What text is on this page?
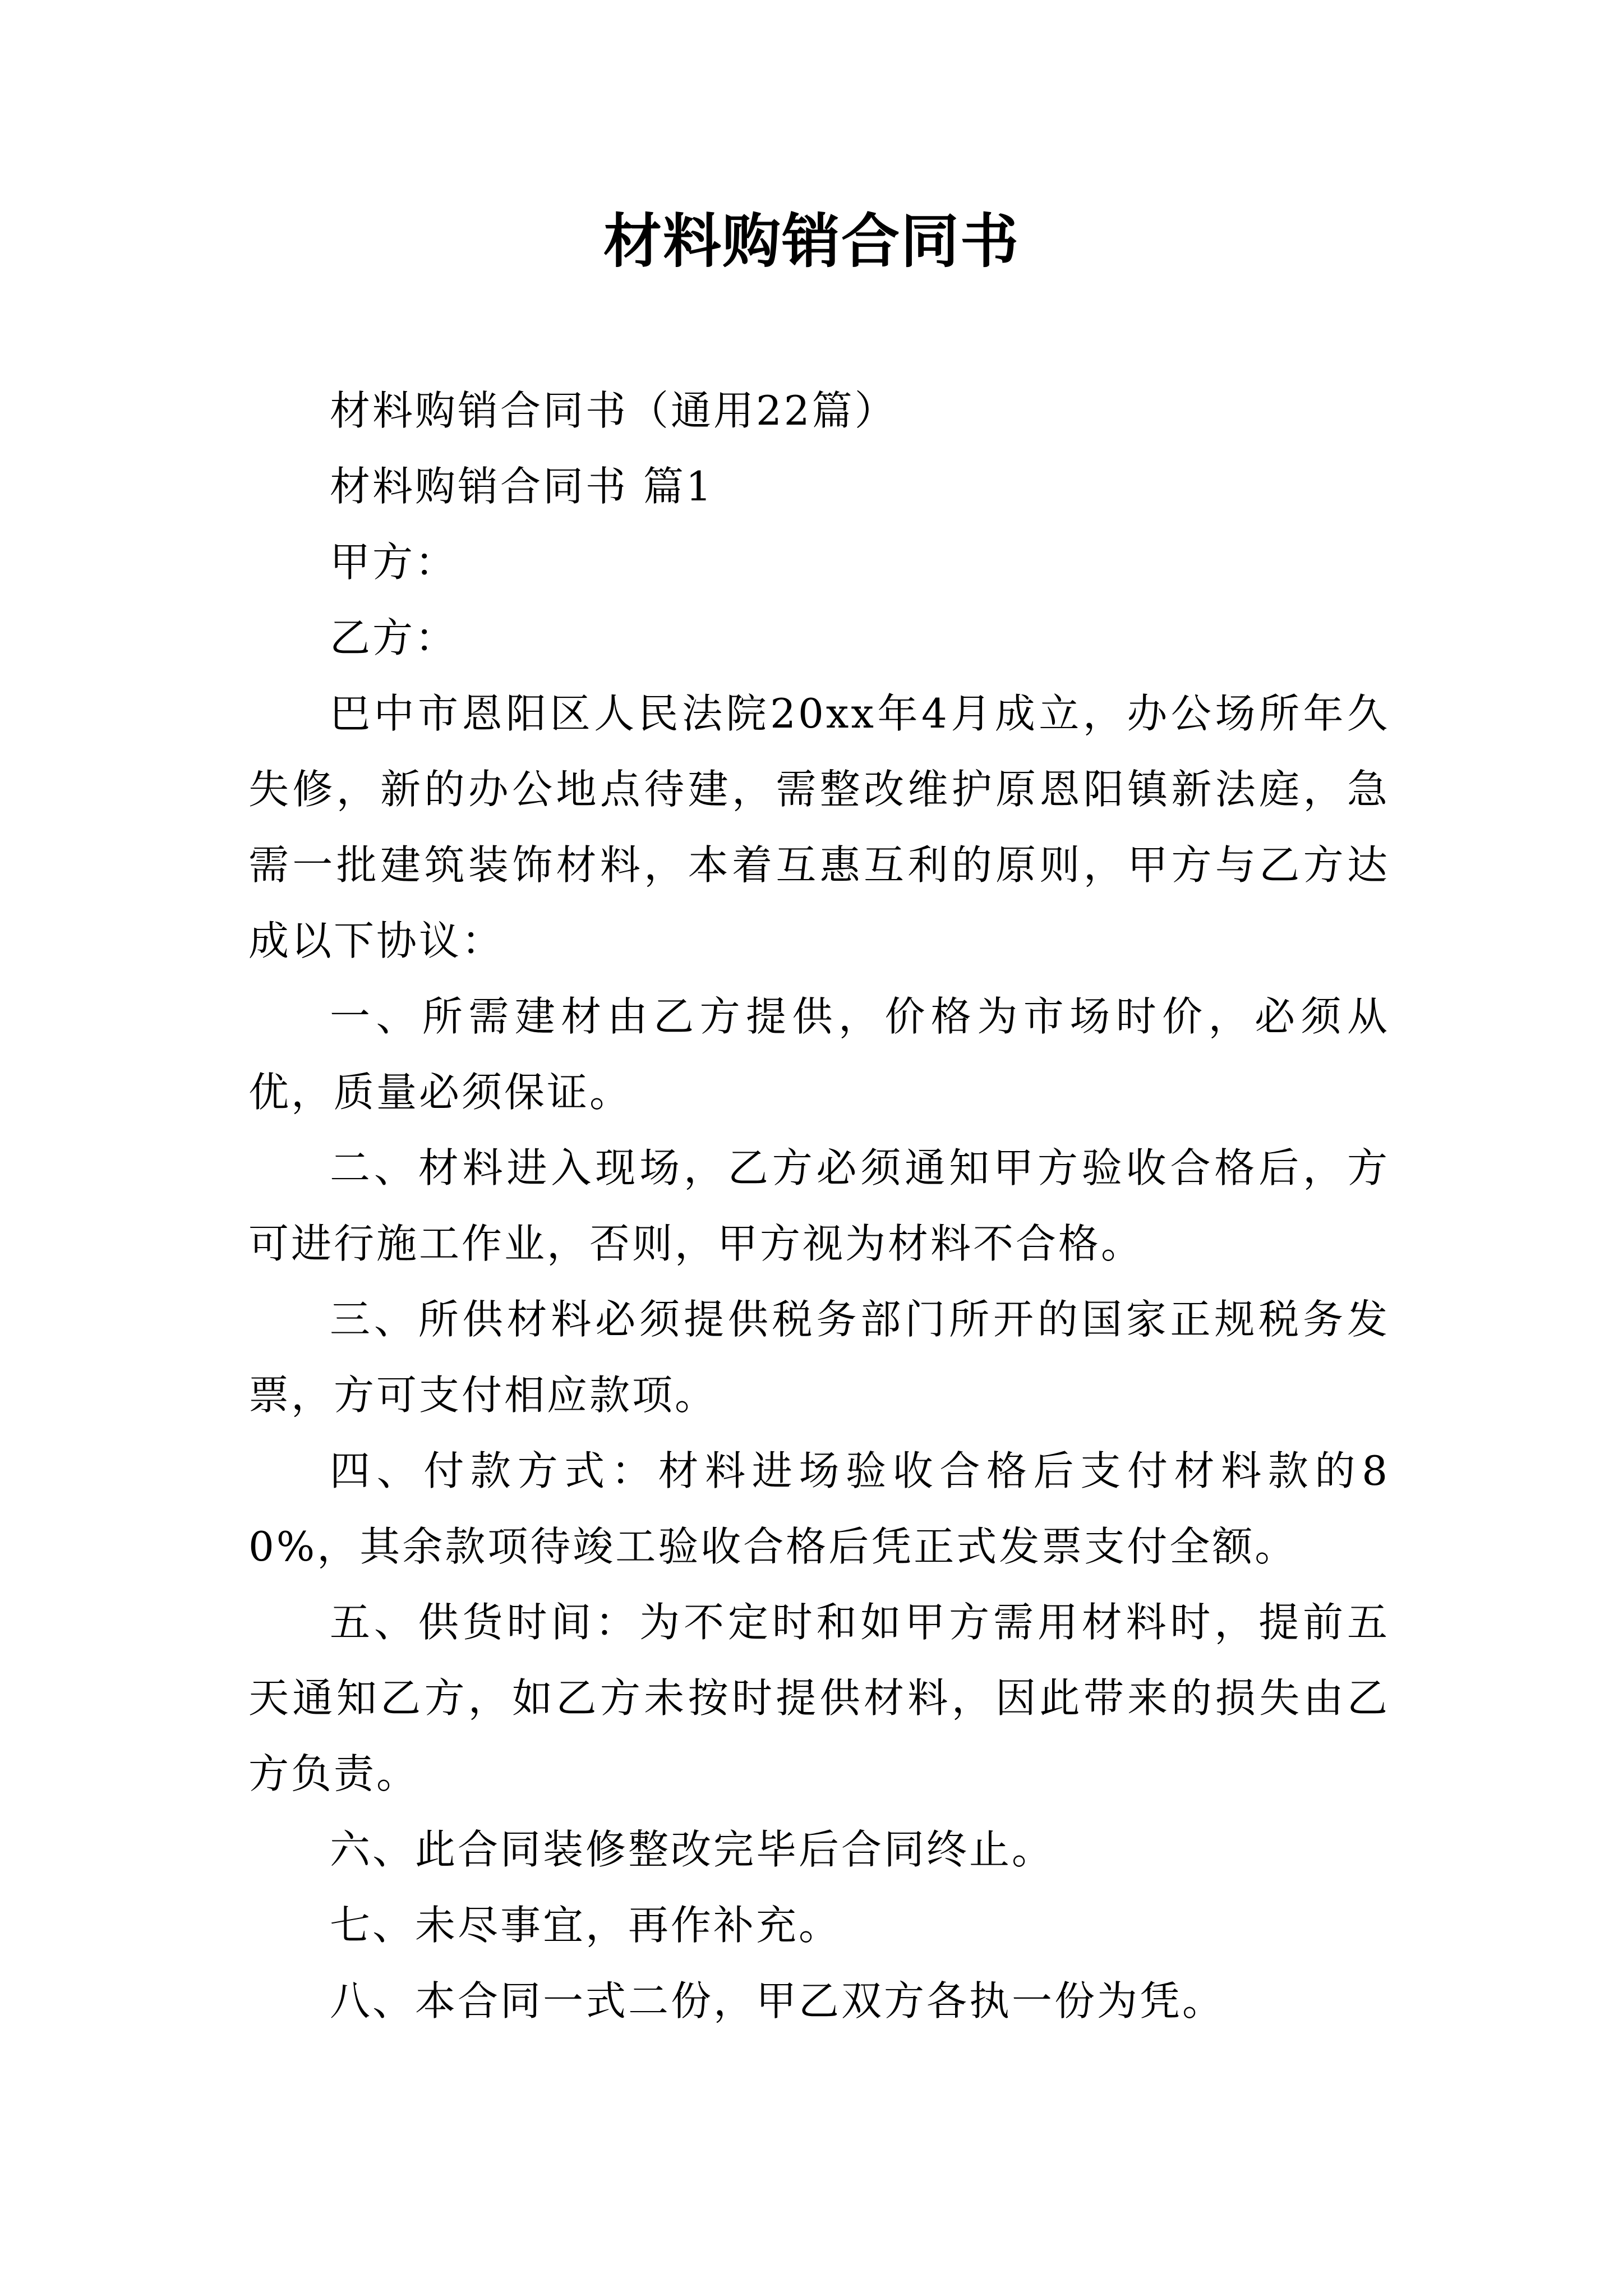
材料购销合同书

材料购销合同书（通用22篇）

材料购销合同书 篇1

甲方：

乙方：

巴中市恩阳区人民法院20xx年4月成立，办公场所年久失修，新的办公地点待建，需整改维护原恩阳镇新法庭，急需一批建筑装饰材料，本着互惠互利的原则，甲方与乙方达成以下协议：

一、所需建材由乙方提供，价格为市场时价，必须从优，质量必须保证。

二、材料进入现场，乙方必须通知甲方验收合格后，方可进行施工作业，否则，甲方视为材料不合格。

三、所供材料必须提供税务部门所开的国家正规税务发票，方可支付相应款项。

四、付款方式：材料进场验收合格后支付材料款的80%，其余款项待竣工验收合格后凭正式发票支付全额。

五、供货时间：为不定时和如甲方需用材料时，提前五天通知乙方，如乙方未按时提供材料，因此带来的损失由乙方负责。

六、此合同装修整改完毕后合同终止。

七、未尽事宜，再作补充。

八、本合同一式二份，甲乙双方各执一份为凭。
